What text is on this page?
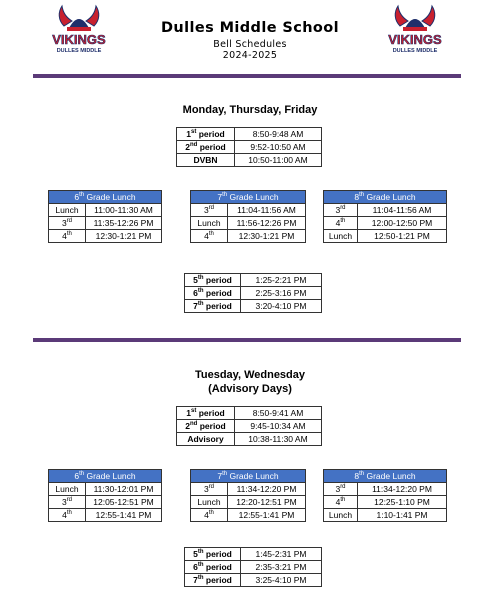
VIKINGS
DULLES MIDDLE
VIKINGS
DULLES MIDDLE
Dulles Middle School
Bell Schedules
2024-2025
Monday, Thursday, Friday
1st period	8:50-9:48 AM
2nd period	9:52-10:50 AM
DVBN	10:50-11:00 AM
6th Grade Lunch	
Lunch	11:00-11:30 AM
3rd	11:35-12:26 PM
4th	12:30-1:21 PM
7th Grade Lunch	
3rd	11:04-11:56 AM
Lunch	11:56-12:26 PM
4th	12:30-1:21 PM
8th Grade Lunch	
3rd	11:04-11:56 AM
4th	12:00-12:50 PM
Lunch	12:50-1:21 PM
5th period	1:25-2:21 PM
6th period	2:25-3:16 PM
7th period	3:20-4:10 PM
Tuesday, Wednesday
(Advisory Days)
1st period	8:50-9:41 AM
2nd period	9:45-10:34 AM
Advisory	10:38-11:30 AM
6th Grade Lunch	
Lunch	11:30-12:01 PM
3rd	12:05-12:51 PM
4th	12:55-1:41 PM
7th Grade Lunch	
3rd	11:34-12:20 PM
Lunch	12:20-12:51 PM
4th	12:55-1:41 PM
8th Grade Lunch	
3rd	11:34-12:20 PM
4th	12:25-1:10 PM
Lunch	1:10-1:41 PM
5th period	1:45-2:31 PM
6th period	2:35-3:21 PM
7th period	3:25-4:10 PM
